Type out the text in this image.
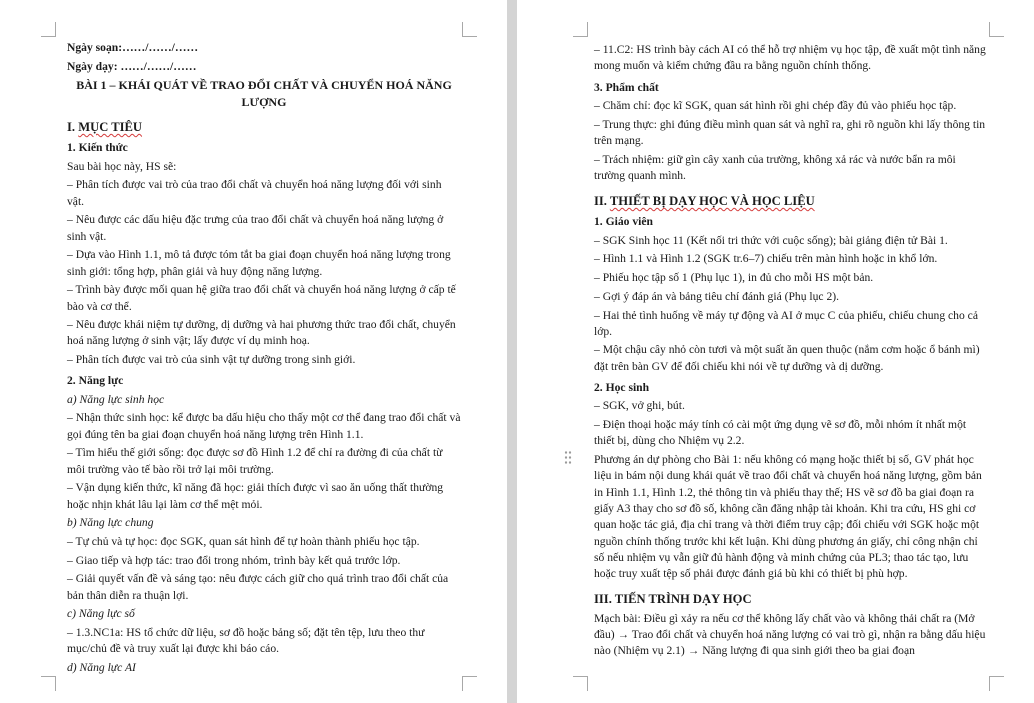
Ngày soạn:……/……/……

Ngày dạy: ……/……/……

BÀI 1 – KHÁI QUÁT VỀ TRAO ĐỔI CHẤT VÀ CHUYỂN HOÁ NĂNG LƯỢNG

I. MỤC TIÊU

1. Kiến thức

Sau bài học này, HS sẽ:

– Phân tích được vai trò của trao đổi chất và chuyển hoá năng lượng đối với sinh vật.

– Nêu được các dấu hiệu đặc trưng của trao đổi chất và chuyển hoá năng lượng ở sinh vật.

– Dựa vào Hình 1.1, mô tả được tóm tắt ba giai đoạn chuyển hoá năng lượng trong sinh giới: tổng hợp, phân giải và huy động năng lượng.

– Trình bày được mối quan hệ giữa trao đổi chất và chuyển hoá năng lượng ở cấp tế bào và cơ thể.

– Nêu được khái niệm tự dưỡng, dị dưỡng và hai phương thức trao đổi chất, chuyển hoá năng lượng ở sinh vật; lấy được ví dụ minh hoạ.

– Phân tích được vai trò của sinh vật tự dưỡng trong sinh giới.

2. Năng lực

a) Năng lực sinh học

– Nhận thức sinh học: kể được ba dấu hiệu cho thấy một cơ thể đang trao đổi chất và gọi đúng tên ba giai đoạn chuyển hoá năng lượng trên Hình 1.1.

– Tìm hiểu thế giới sống: đọc được sơ đồ Hình 1.2 để chỉ ra đường đi của chất từ môi trường vào tế bào rồi trở lại môi trường.

– Vận dụng kiến thức, kĩ năng đã học: giải thích được vì sao ăn uống thất thường hoặc nhịn khát lâu lại làm cơ thể mệt mỏi.

b) Năng lực chung

– Tự chủ và tự học: đọc SGK, quan sát hình để tự hoàn thành phiếu học tập.

– Giao tiếp và hợp tác: trao đổi trong nhóm, trình bày kết quả trước lớp.

– Giải quyết vấn đề và sáng tạo: nêu được cách giữ cho quá trình trao đổi chất của bản thân diễn ra thuận lợi.

c) Năng lực số

– 1.3.NC1a: HS tổ chức dữ liệu, sơ đồ hoặc bảng số; đặt tên tệp, lưu theo thư mục/chủ đề và truy xuất lại được khi báo cáo.

d) Năng lực AI

– 11.C2: HS trình bày cách AI có thể hỗ trợ nhiệm vụ học tập, đề xuất một tình năng mong muốn và kiểm chứng đầu ra bằng nguồn chính thống.

3. Phẩm chất

– Chăm chỉ: đọc kĩ SGK, quan sát hình rồi ghi chép đầy đủ vào phiếu học tập.

– Trung thực: ghi đúng điều mình quan sát và nghĩ ra, ghi rõ nguồn khi lấy thông tin trên mạng.

– Trách nhiệm: giữ gìn cây xanh của trường, không xả rác và nước bẩn ra môi trường quanh mình.

II. THIẾT BỊ DẠY HỌC VÀ HỌC LIỆU

1. Giáo viên

– SGK Sinh học 11 (Kết nối tri thức với cuộc sống); bài giảng điện tử Bài 1.

– Hình 1.1 và Hình 1.2 (SGK tr.6–7) chiếu trên màn hình hoặc in khổ lớn.

– Phiếu học tập số 1 (Phụ lục 1), in đủ cho mỗi HS một bản.

– Gợi ý đáp án và bảng tiêu chí đánh giá (Phụ lục 2).

– Hai thẻ tình huống về máy tự động và AI ở mục C của phiếu, chiếu chung cho cả lớp.

– Một chậu cây nhỏ còn tươi và một suất ăn quen thuộc (nắm cơm hoặc ổ bánh mì) đặt trên bàn GV để đối chiếu khi nói về tự dưỡng và dị dưỡng.

2. Học sinh

– SGK, vở ghi, bút.

– Điện thoại hoặc máy tính có cài một ứng dụng vẽ sơ đồ, mỗi nhóm ít nhất một thiết bị, dùng cho Nhiệm vụ 2.2.

Phương án dự phòng cho Bài 1: nếu không có mạng hoặc thiết bị số, GV phát học liệu in bám nội dung khái quát về trao đổi chất và chuyển hoá năng lượng, gồm bản in Hình 1.1, Hình 1.2, thẻ thông tin và phiếu thay thế; HS vẽ sơ đồ ba giai đoạn ra giấy A3 thay cho sơ đồ số, không cần đăng nhập tài khoản. Khi tra cứu, HS ghi cơ quan hoặc tác giả, địa chỉ trang và thời điểm truy cập; đối chiếu với SGK hoặc một nguồn chính thống trước khi kết luận. Khi dùng phương án giấy, chỉ công nhận chỉ số nếu nhiệm vụ vẫn giữ đủ hành động và minh chứng của PL3; thao tác tạo, lưu hoặc truy xuất tệp số phải được đánh giá bù khi có thiết bị phù hợp.

III. TIẾN TRÌNH DẠY HỌC

Mạch bài: Điều gì xảy ra nếu cơ thể không lấy chất vào và không thải chất ra (Mở đầu) → Trao đổi chất và chuyển hoá năng lượng có vai trò gì, nhận ra bằng dấu hiệu nào (Nhiệm vụ 2.1) → Năng lượng đi qua sinh giới theo ba giai đoạn
